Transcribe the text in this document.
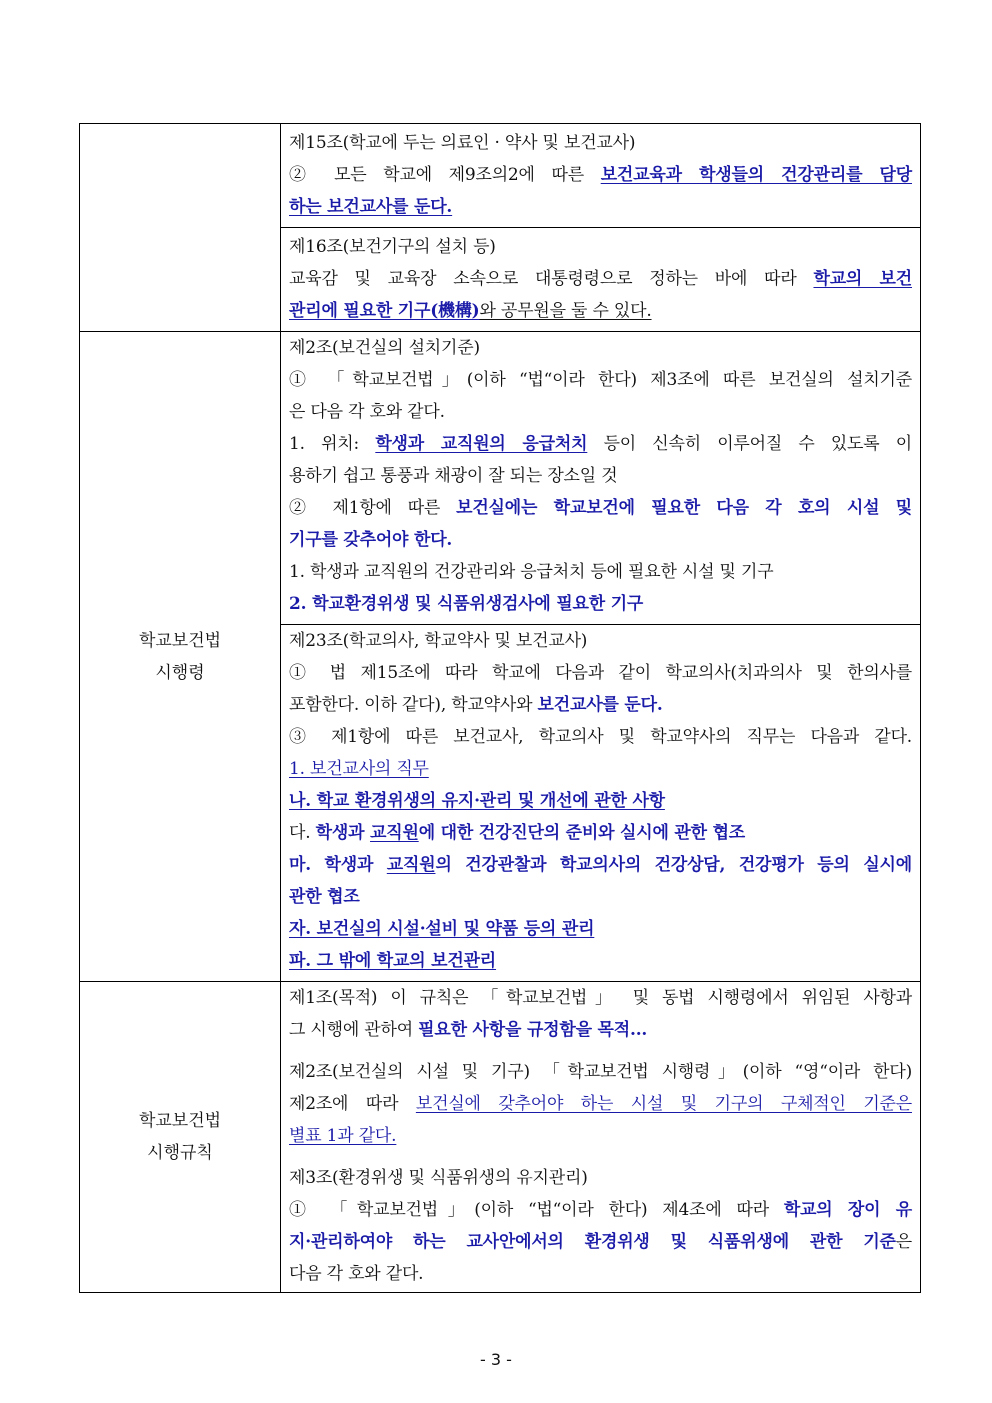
제15조(학교에 두는 의료인 · 약사 및 보건교사)
② 모든 학교에 제9조의2에 따른 보건교육과 학생들의 건강관리를 담당
하는 보건교사를 둔다.
제16조(보건기구의 설치 등)
교육감 및 교육장 소속으로 대통령령으로 정하는 바에 따라 학교의 보건
관리에 필요한 기구(機構)와 공무원을 둘 수 있다.
학교보건법
시행령
제2조(보건실의 설치기준)
① 「학교보건법」(이하 “법“이라 한다) 제3조에 따른 보건실의 설치기준
은 다음 각 호와 같다.
1. 위치: 학생과 교직원의 응급처치 등이 신속히 이루어질 수 있도록 이
용하기 쉽고 통풍과 채광이 잘 되는 장소일 것
② 제1항에 따른 보건실에는 학교보건에 필요한 다음 각 호의 시설 및
기구를 갖추어야 한다.
1. 학생과 교직원의 건강관리와 응급처치 등에 필요한 시설 및 기구
2. 학교환경위생 및 식품위생검사에 필요한 기구
제23조(학교의사, 학교약사 및 보건교사)
① 법 제15조에 따라 학교에 다음과 같이 학교의사(치과의사 및 한의사를
포함한다. 이하 같다), 학교약사와 보건교사를 둔다.
③ 제1항에 따른 보건교사, 학교의사 및 학교약사의 직무는 다음과 같다.
1. 보건교사의 직무
나. 학교 환경위생의 유지·관리 및 개선에 관한 사항
다. 학생과 교직원에 대한 건강진단의 준비와 실시에 관한 협조
마. 학생과 교직원의 건강관찰과 학교의사의 건강상담, 건강평가 등의 실시에
관한 협조
자. 보건실의 시설·설비 및 약품 등의 관리
파. 그 밖에 학교의 보건관리
학교보건법
시행규칙
제1조(목적) 이 규칙은 「학교보건법」 및 동법 시행령에서 위임된 사항과
그 시행에 관하여 필요한 사항을 규정함을 목적...
제2조(보건실의 시설 및 기구) 「학교보건법 시행령」(이하 “영“이라 한다)
제2조에 따라 보건실에 갖추어야 하는 시설 및 기구의 구체적인 기준은
별표 1과 같다.
제3조(환경위생 및 식품위생의 유지관리)
① 「학교보건법」(이하 “법“이라 한다) 제4조에 따라 학교의 장이 유
지·관리하여야 하는 교사안에서의 환경위생 및 식품위생에 관한 기준은
다음 각 호와 같다.
- 3 -
